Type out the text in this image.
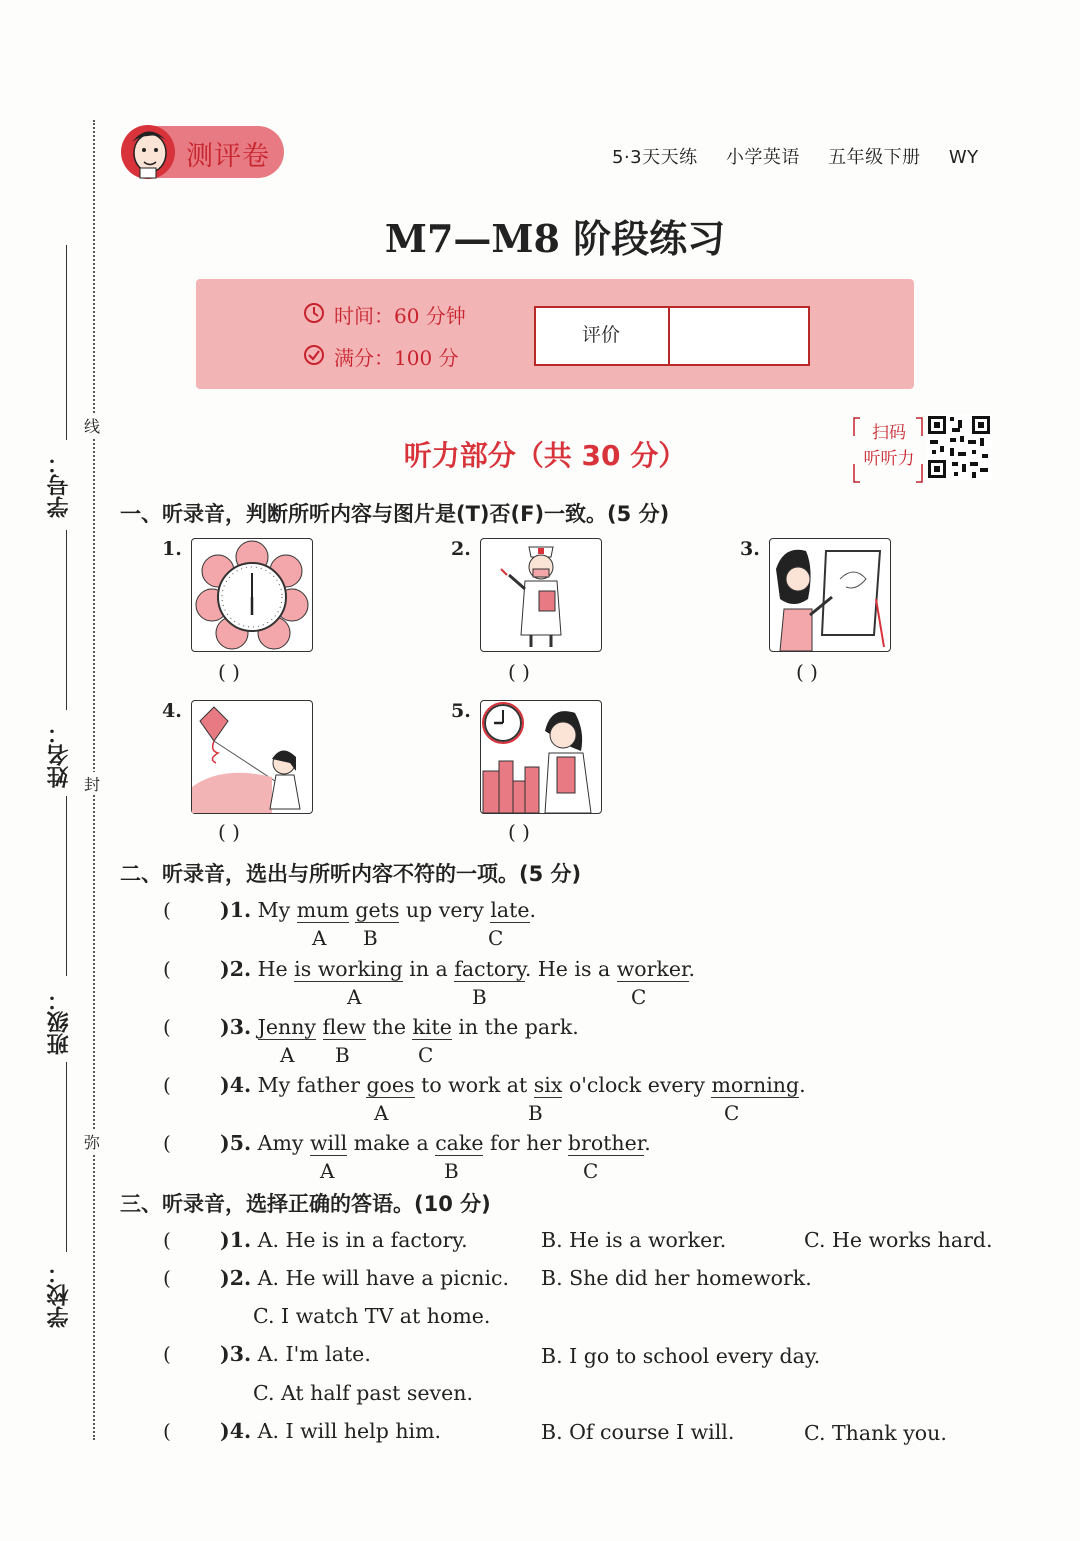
线
封
弥
学号：
姓名：
班级：
学校：
测评卷	5·3天天练 小学英语 五年级下册 WY
M7—M8 阶段练习
时间：60 分钟
满分：100 分
评价
听力部分（共 30 分）
扫码
听听力
一、听录音，判断所听内容与图片是(T)否(F)一致。(5 分)
1.
( )
2.
( )
3.
( )
4.
( )
5.
( )
二、听录音，选出与所听内容不符的一项。(5 分)
( )1. My mum gets up very late.
A B	C
( )2. He is working in a factory. He is a worker.
A	B	C
( )3. Jenny flew the kite in the park.
A B	C
( )4. My father goes to work at six o'clock every morning.
A	B	C
( )5. Amy will make a cake for her brother.
A	B	C
三、听录音，选择正确的答语。(10 分)
( )1. A. He is in a factory.	B. He is a worker.	C. He works hard.
( )2. A. He will have a picnic. B. She did her homework.
C. I watch TV at home.
( )3. A. I'm late.	B. I go to school every day.
C. At half past seven.
( )4. A. I will help him.	B. Of course I will.	C. Thank you.
